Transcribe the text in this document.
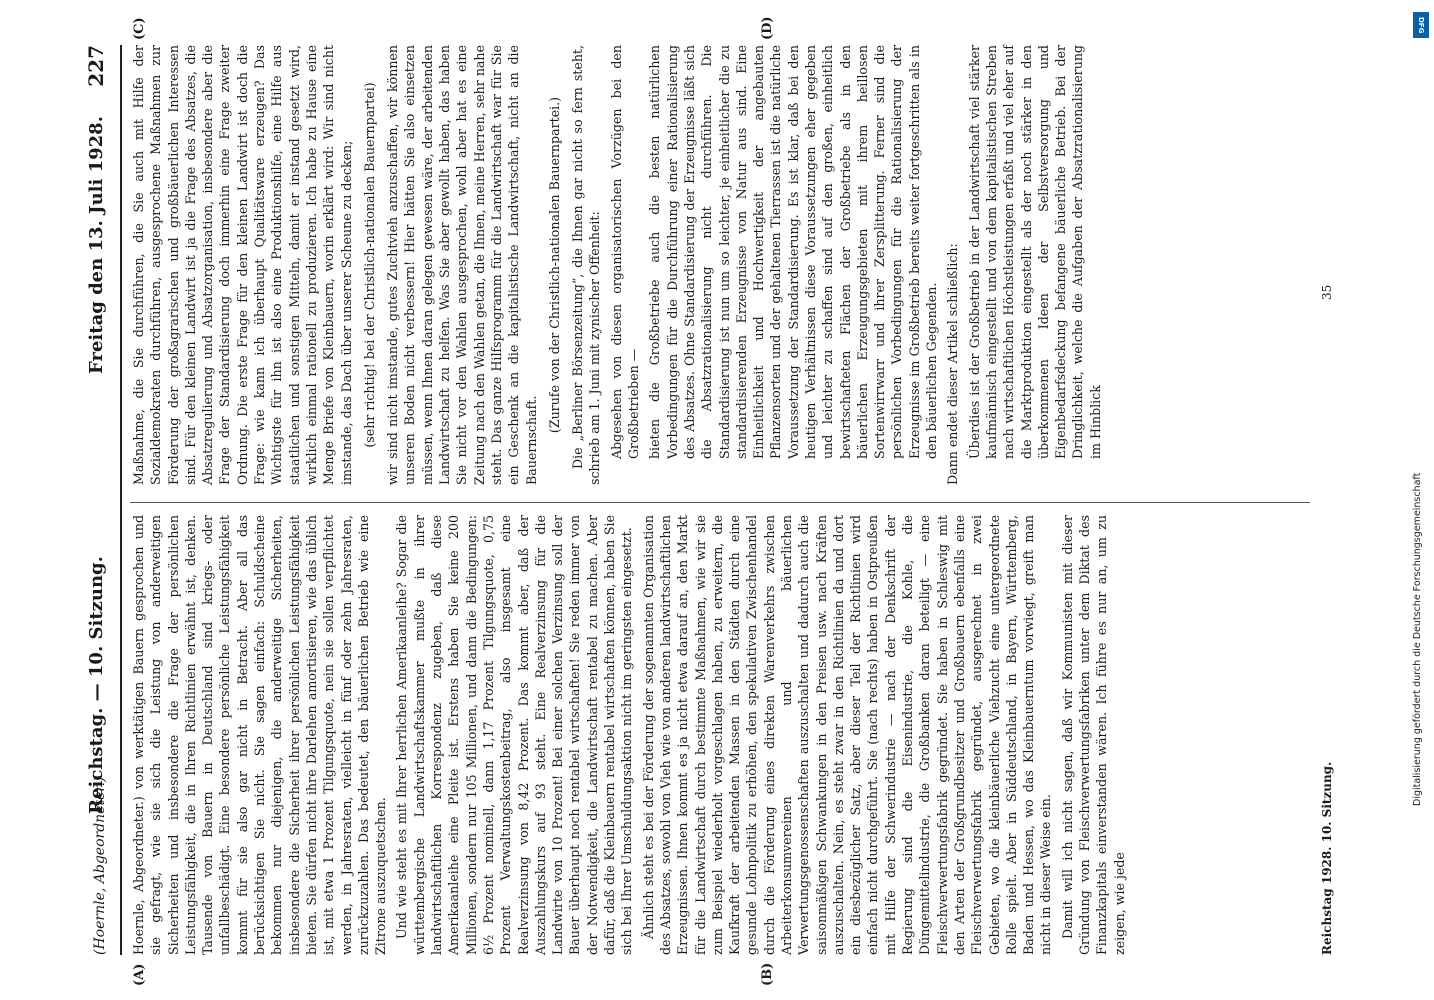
(Hoernle, Abgeordneter.)
Reichstag. — 10. Sitzung.
Freitag den 13. Juli 1928.
227
(A)	(B)
(C)	(D)

Hoernle, Abgeordneter.) von werktätigen Bauern gesprochen und sie gefragt, wie sie sich die Leistung von anderweitigen Sicherheiten und insbesondere die Frage der persönlichen Leistungsfähigkeit, die in Ihren Richtlinien erwähnt ist, denken. Tausende von Bauern in Deutschland sind kriegs- oder unfallbeschädigt. Eine besondere persönliche Leistungsfähigkeit kommt für sie also gar nicht in Betracht. Aber all das berücksichtigen Sie nicht. Sie sagen einfach: Schuldscheine bekommen nur diejenigen, die anderweitige Sicherheiten, insbesondere die Sicherheit ihrer persönlichen Leistungsfähigkeit bieten. Sie dürfen nicht ihre Darlehen amortisieren, wie das üblich ist, mit etwa 1 Prozent Tilgungsquote, nein sie sollen verpflichtet werden, in Jahresraten, vielleicht in fünf oder zehn Jahresraten, zurückzuzahlen. Das bedeutet, den bäuerlichen Betrieb wie eine Zitrone auszuquetschen. Und wie steht es mit Ihrer herrlichen Amerikaanleihe? Sogar die württembergische Landwirtschaftskammer mußte in ihrer landwirtschaftlichen Korrespondenz zugeben, daß diese Amerikaanleihe eine Pleite ist. Erstens haben Sie keine 200 Millionen, sondern nur 105 Millionen, und dann die Bedingungen: 6½ Prozent nominell, dann 1,17 Prozent Tilgungsquote, 0,75 Prozent Verwaltungskostenbeitrag, also insgesamt eine Realverzinsung von 8,42 Prozent. Das kommt aber, daß der Auszahlungskurs auf 93 steht. Eine Realverzinsung für die Landwirte von 10 Prozent! Bei einer solchen Verzinsung soll der Bauer überhaupt noch rentabel wirtschaften! Sie reden immer von der Notwendigkeit, die Landwirtschaft rentabel zu machen. Aber dafür, daß die Kleinbauern rentabel wirtschaften können, haben Sie sich bei Ihrer Umschuldungsaktion nicht im geringsten eingesetzt. Ähnlich steht es bei der Förderung der sogenannten Organisation des Absatzes, sowohl von Vieh wie von anderen landwirtschaftlichen Erzeugnissen. Ihnen kommt es ja nicht etwa darauf an, den Markt für die Landwirtschaft durch bestimmte Maßnahmen, wie wir sie zum Beispiel wiederholt vorgeschlagen haben, zu erweitern, die Kaufkraft der arbeitenden Massen in den Städten durch eine gesunde Lohnpolitik zu erhöhen, den spekulativen Zwischenhandel durch die Förderung eines direkten Warenverkehrs zwischen Arbeiterkonsumvereinen und bäuerlichen Verwertungsgenossenschaften auszuschalten und dadurch auch die saisonmäßigen Schwankungen in den Preisen usw. nach Kräften auszuschalten. Nein, es steht zwar in den Richtlinien da und dort ein diesbezüglicher Satz, aber dieser Teil der Richtlinien wird einfach nicht durchgeführt. Sie (nach rechts) haben in Ostpreußen mit Hilfe der Schwerindustrie — nach der Denkschrift der Regierung sind die Eisenindustrie, die Kohle, die Düngemittelindustrie, die Großbanken daran beteiligt — eine Fleischverwertungsfabrik gegründet. Sie haben in Schleswig mit den Arten der Großgrundbesitzer und Großbauern ebenfalls eine Fleischverwertungsfabrik gegründet, ausgerechnet in zwei Gebieten, wo die kleinbäuerliche Viehzucht eine untergeordnete Rolle spielt. Aber in Süddeutschland, in Bayern, Württemberg, Baden und Hessen, wo das Kleinbauerntum vorwiegt, greift man nicht in dieser Weise ein. Damit will ich nicht sagen, daß wir Kommunisten mit dieser Gründung von Fleischverwertungsfabriken unter dem Diktat des Finanzkapitals einverstanden wären. Ich führe es nur an, um zu zeigen, wie jede

Maßnahme, die Sie durchführen, die Sie auch mit Hilfe der Sozialdemokraten durchführen, ausgesprochene Maßnahmen zur Förderung der großagrarischen und großbäuerlichen Interessen sind. Für den kleinen Landwirt ist ja die Frage des Absatzes, die Absatzregulierung und Absatzorganisation, insbesondere aber die Frage der Standardisierung doch immerhin eine Frage zweiter Ordnung. Die erste Frage für den kleinen Landwirt ist doch die Frage: wie kann ich überhaupt Qualitätsware erzeugen? Das Wichtigste für ihn ist also eine Produktionshilfe, eine Hilfe aus staatlichen und sonstigen Mitteln, damit er instand gesetzt wird, wirklich einmal rationell zu produzieren. Ich habe zu Hause eine Menge Briefe von Kleinbauern, worin erklärt wird: Wir sind nicht imstande, das Dach über unserer Scheune zu decken; (sehr richtig! bei der Christlich-nationalen Bauernpartei) wir sind nicht imstande, gutes Zuchtvieh anzuschaffen, wir können unseren Boden nicht verbessern! Hier hätten Sie also einsetzen müssen, wenn Ihnen daran gelegen gewesen wäre, der arbeitenden Landwirtschaft zu helfen. Was Sie aber gewollt haben, das haben Sie nicht vor den Wahlen ausgesprochen, wohl aber hat es eine Zeitung nach den Wahlen getan, die Ihnen, meine Herren, sehr nahe steht. Das ganze Hilfsprogramm für die Landwirtschaft war für Sie ein Geschenk an die kapitalistische Landwirtschaft, nicht an die Bauernschaft.

(Zurufe von der Christlich-nationalen Bauernpartei.) Die „Berliner Börsenzeitung“, die Ihnen gar nicht so fern steht, schrieb am 1. Juni mit zynischer Offenheit: Abgesehen von diesen organisatorischen Vorzügen bei den Großbetrieben — bieten die Großbetriebe auch die besten natürlichen Vorbedingungen für die Durchführung einer Rationalisierung des Absatzes. Ohne Standardisierung der Erzeugnisse läßt sich die Absatzrationalisierung nicht durchführen. Die Standardisierung ist nun um so leichter, je einheitlicher die zu standardisierenden Erzeugnisse von Natur aus sind. Eine Einheitlichkeit und Hochwertigkeit der angebauten Pflanzensorten und der gehaltenen Tierrassen ist die natürliche Voraussetzung der Standardisierung. Es ist klar, daß bei den heutigen Verhältnissen diese Voraussetzungen eher gegeben und leichter zu schaffen sind auf den großen, einheitlich bewirtschafteten Flächen der Großbetriebe als in den bäuerlichen Erzeugungsgebieten mit ihrem heillosen Sortenwirrwarr und ihrer Zersplitterung. Ferner sind die persönlichen Vorbedingungen für die Rationalisierung der Erzeugnisse im Großbetrieb bereits weiter fortgeschritten als in den bäuerlichen Gegenden. Dann endet dieser Artikel schließlich: Überdies ist der Großbetrieb in der Landwirtschaft viel stärker kaufmännisch eingestellt und von dem kapitalistischen Streben nach wirtschaftlichen Höchstleistungen erfaßt und viel eher auf die Marktproduktion eingestellt als der noch stärker in den überkommenen Ideen der Selbstversorgung und Eigenbedarfsdeckung befangene bäuerliche Betrieb. Bei der Dringlichkeit, welche die Aufgaben der Absatzrationalisierung im Hinblick

Reichstag 1928. 10. Sitzung.
35
DFG
Digitalisierung gefördert durch die Deutsche Forschungsgemeinschaft
